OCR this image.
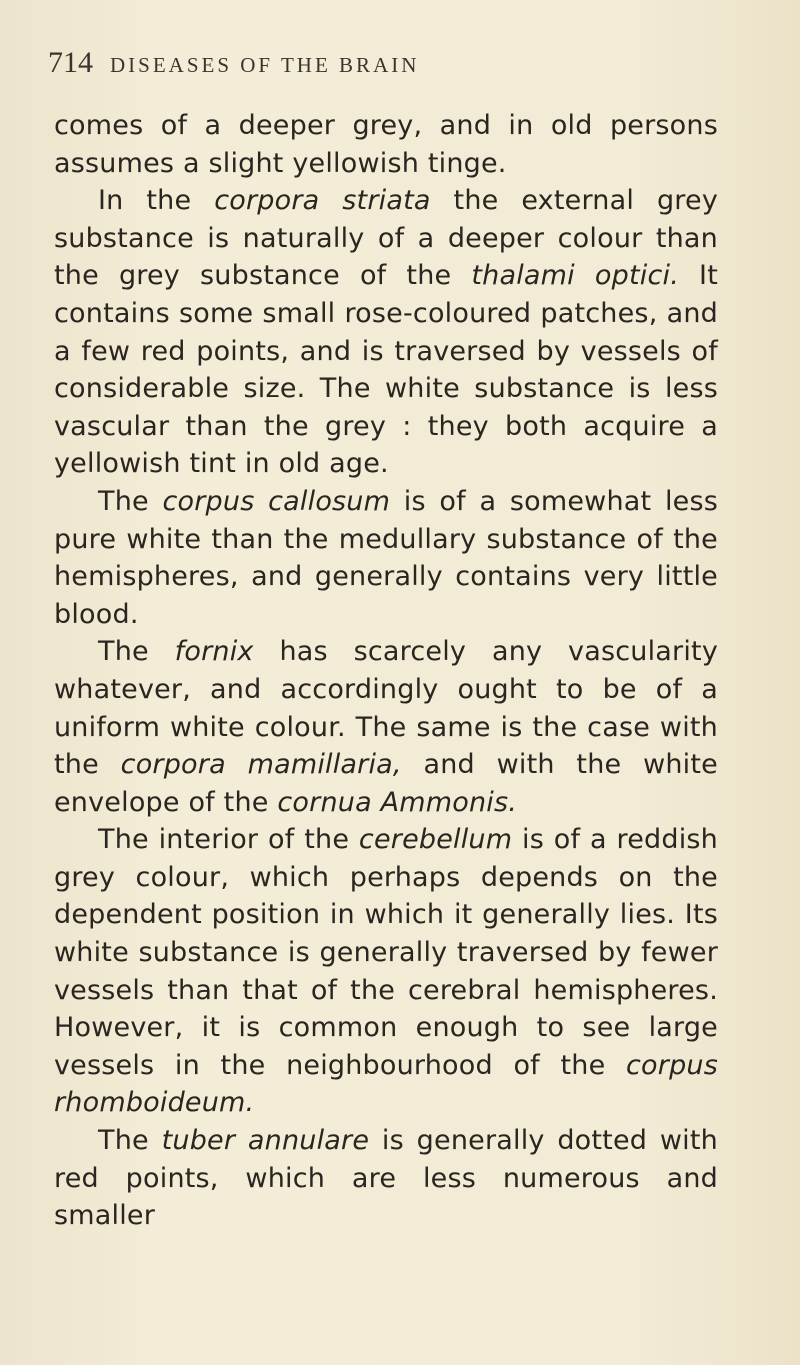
714 DISEASES OF THE BRAIN

comes of a deeper grey, and in old persons assumes a slight yellowish tinge.

In the corpora striata the external grey substance is naturally of a deeper colour than the grey substance of the thalami optici. It contains some small rose-coloured patches, and a few red points, and is traversed by vessels of considerable size. The white substance is less vascular than the grey : they both acquire a yellowish tint in old age.

The corpus callosum is of a somewhat less pure white than the medullary substance of the hemispheres, and generally contains very little blood.

The fornix has scarcely any vascularity whatever, and accordingly ought to be of a uniform white colour. The same is the case with the corpora mamillaria, and with the white envelope of the cornua Ammonis.

The interior of the cerebellum is of a reddish grey colour, which perhaps depends on the dependent position in which it generally lies. Its white substance is generally traversed by fewer vessels than that of the cerebral hemispheres. However, it is common enough to see large vessels in the neighbourhood of the corpus rhomboideum.

The tuber annulare is generally dotted with red points, which are less numerous and smaller
